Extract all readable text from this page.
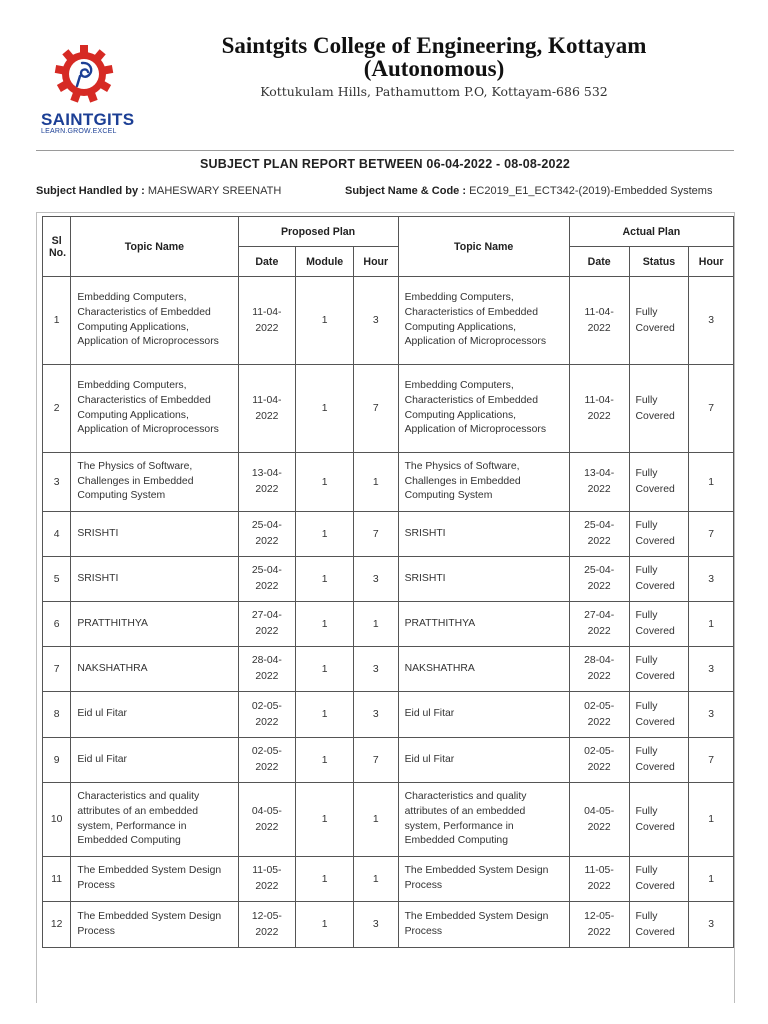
SAINTGITS
LEARN.GROW.EXCEL
Saintgits College of Engineering, Kottayam
(Autonomous)
Kottukulam Hills, Pathamuttom P.O, Kottayam-686 532
SUBJECT PLAN REPORT BETWEEN 06-04-2022 - 08-08-2022
Subject Handled by : MAHESWARY SREENATH	Subject Name & Code : EC2019_E1_ECT342-(2019)-Embedded Systems
Sl No.	Topic Name	Proposed Plan			Topic Name	Actual Plan		
		Date	Module	Hour		Date	Status	Hour
1	Embedding Computers, Characteristics of Embedded Computing Applications, Application of Microprocessors	11-04-2022	1	3	Embedding Computers, Characteristics of Embedded Computing Applications, Application of Microprocessors	11-04-2022	Fully Covered	3
2	Embedding Computers, Characteristics of Embedded Computing Applications, Application of Microprocessors	11-04-2022	1	7	Embedding Computers, Characteristics of Embedded Computing Applications, Application of Microprocessors	11-04-2022	Fully Covered	7
3	The Physics of Software, Challenges in Embedded Computing System	13-04-2022	1	1	The Physics of Software, Challenges in Embedded Computing System	13-04-2022	Fully Covered	1
4	SRISHTI	25-04-2022	1	7	SRISHTI	25-04-2022	Fully Covered	7
5	SRISHTI	25-04-2022	1	3	SRISHTI	25-04-2022	Fully Covered	3
6	PRATTHITHYA	27-04-2022	1	1	PRATTHITHYA	27-04-2022	Fully Covered	1
7	NAKSHATHRA	28-04-2022	1	3	NAKSHATHRA	28-04-2022	Fully Covered	3
8	Eid ul Fitar	02-05-2022	1	3	Eid ul Fitar	02-05-2022	Fully Covered	3
9	Eid ul Fitar	02-05-2022	1	7	Eid ul Fitar	02-05-2022	Fully Covered	7
10	Characteristics and quality attributes of an embedded system, Performance in Embedded Computing	04-05-2022	1	1	Characteristics and quality attributes of an embedded system, Performance in Embedded Computing	04-05-2022	Fully Covered	1
11	The Embedded System Design Process	11-05-2022	1	1	The Embedded System Design Process	11-05-2022	Fully Covered	1
12	The Embedded System Design Process	12-05-2022	1	3	The Embedded System Design Process	12-05-2022	Fully Covered	3
